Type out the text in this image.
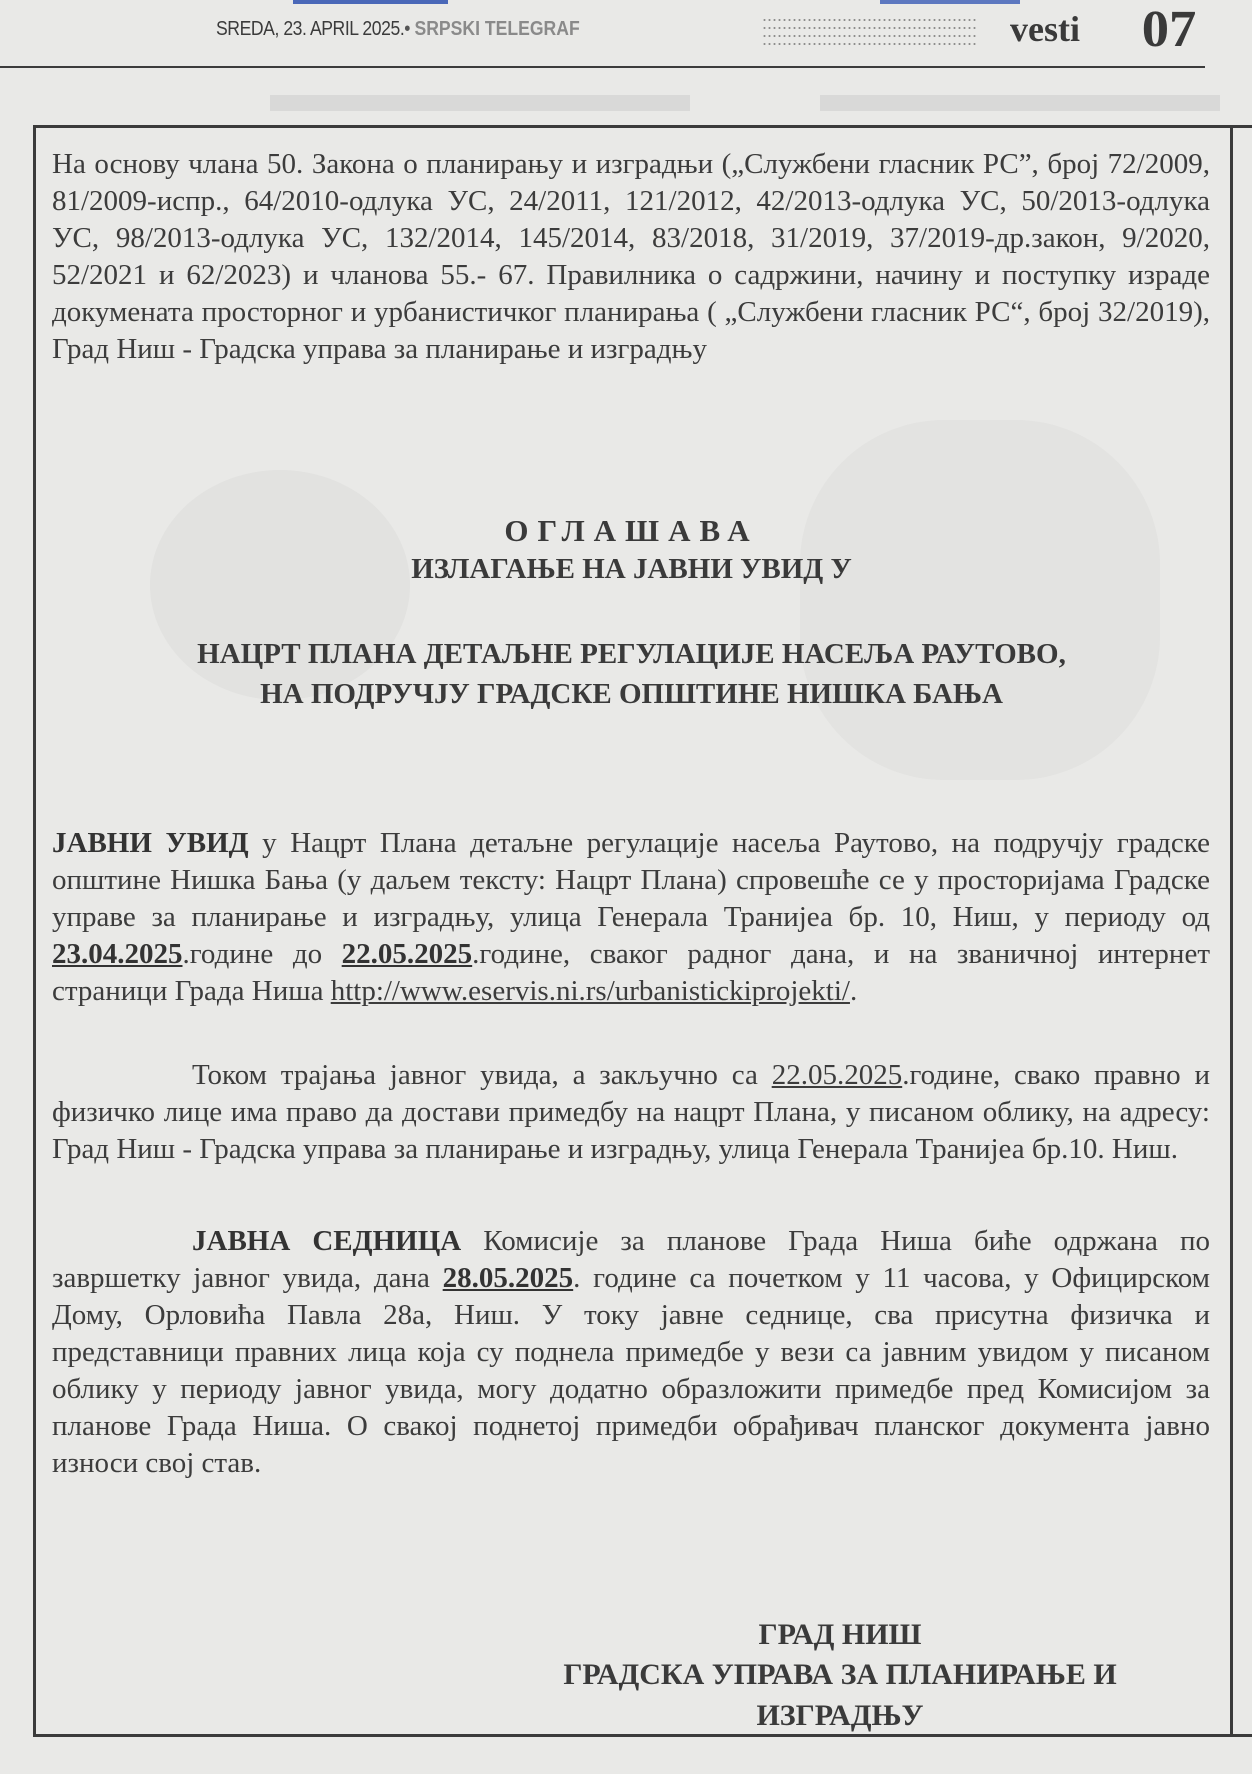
SREDA, 23. APRIL 2025.• SRPSKI TELEGRAF	vesti 07
На основу члана 50. Закона о планирању и изградњи („Службени гласник РС”, број 72/2009, 81/2009-испр., 64/2010-одлука УС, 24/2011, 121/2012, 42/2013-одлука УС, 50/2013-одлука УС, 98/2013-одлука УС, 132/2014, 145/2014, 83/2018, 31/2019, 37/2019-др.закон, 9/2020, 52/2021 и 62/2023) и чланова 55.- 67. Правилника о садржини, начину и поступку израде докумената просторног и урбанистичког планирања ( „Службени гласник РС“, број 32/2019), Град Ниш - Градска управа за планирање и изградњу
ОГЛАШАВА
ИЗЛАГАЊЕ НА ЈАВНИ УВИД У
НАЦРТ ПЛАНА ДЕТАЉНЕ РЕГУЛАЦИЈЕ НАСЕЉА РАУТОВО,
НА ПОДРУЧЈУ ГРАДСКЕ ОПШТИНЕ НИШКА БАЊА
ЈАВНИ УВИД у Нацрт Плана детаљне регулације насеља Раутово, на подручју градске општине Нишка Бања (у даљем тексту: Нацрт Плана) спровешће се у просторијама Градске управе за планирање и изградњу, улица Генерала Транијеа бр. 10, Ниш, у периоду од 23.04.2025.године до 22.05.2025.године, сваког радног дана, и на званичној интернет страници Града Ниша http://www.eservis.ni.rs/urbanistickiprojekti/.
Током трајања јавног увида, а закључно са 22.05.2025.године, свако правно и физичко лице има право да достави примедбу на нацрт Плана, у писаном облику, на адресу: Град Ниш - Градска управа за планирање и изградњу, улица Генерала Транијеа бр.10. Ниш.
ЈАВНА СЕДНИЦА Комисије за планове Града Ниша биће одржана по завршетку јавног увида, дана 28.05.2025. године са почетком у 11 часова, у Официрском Дому, Орловића Павла 28а, Ниш. У току јавне седнице, сва присутна физичка и представници правних лица која су поднела примедбе у вези са јавним увидом у писаном облику у периоду јавног увида, могу додатно образложити примедбе пред Комисијом за планове Града Ниша. О свакој поднетој примедби обрађивач планског документа јавно износи свој став.
ГРАД НИШ
ГРАДСКА УПРАВА ЗА ПЛАНИРАЊЕ И
ИЗГРАДЊУ
